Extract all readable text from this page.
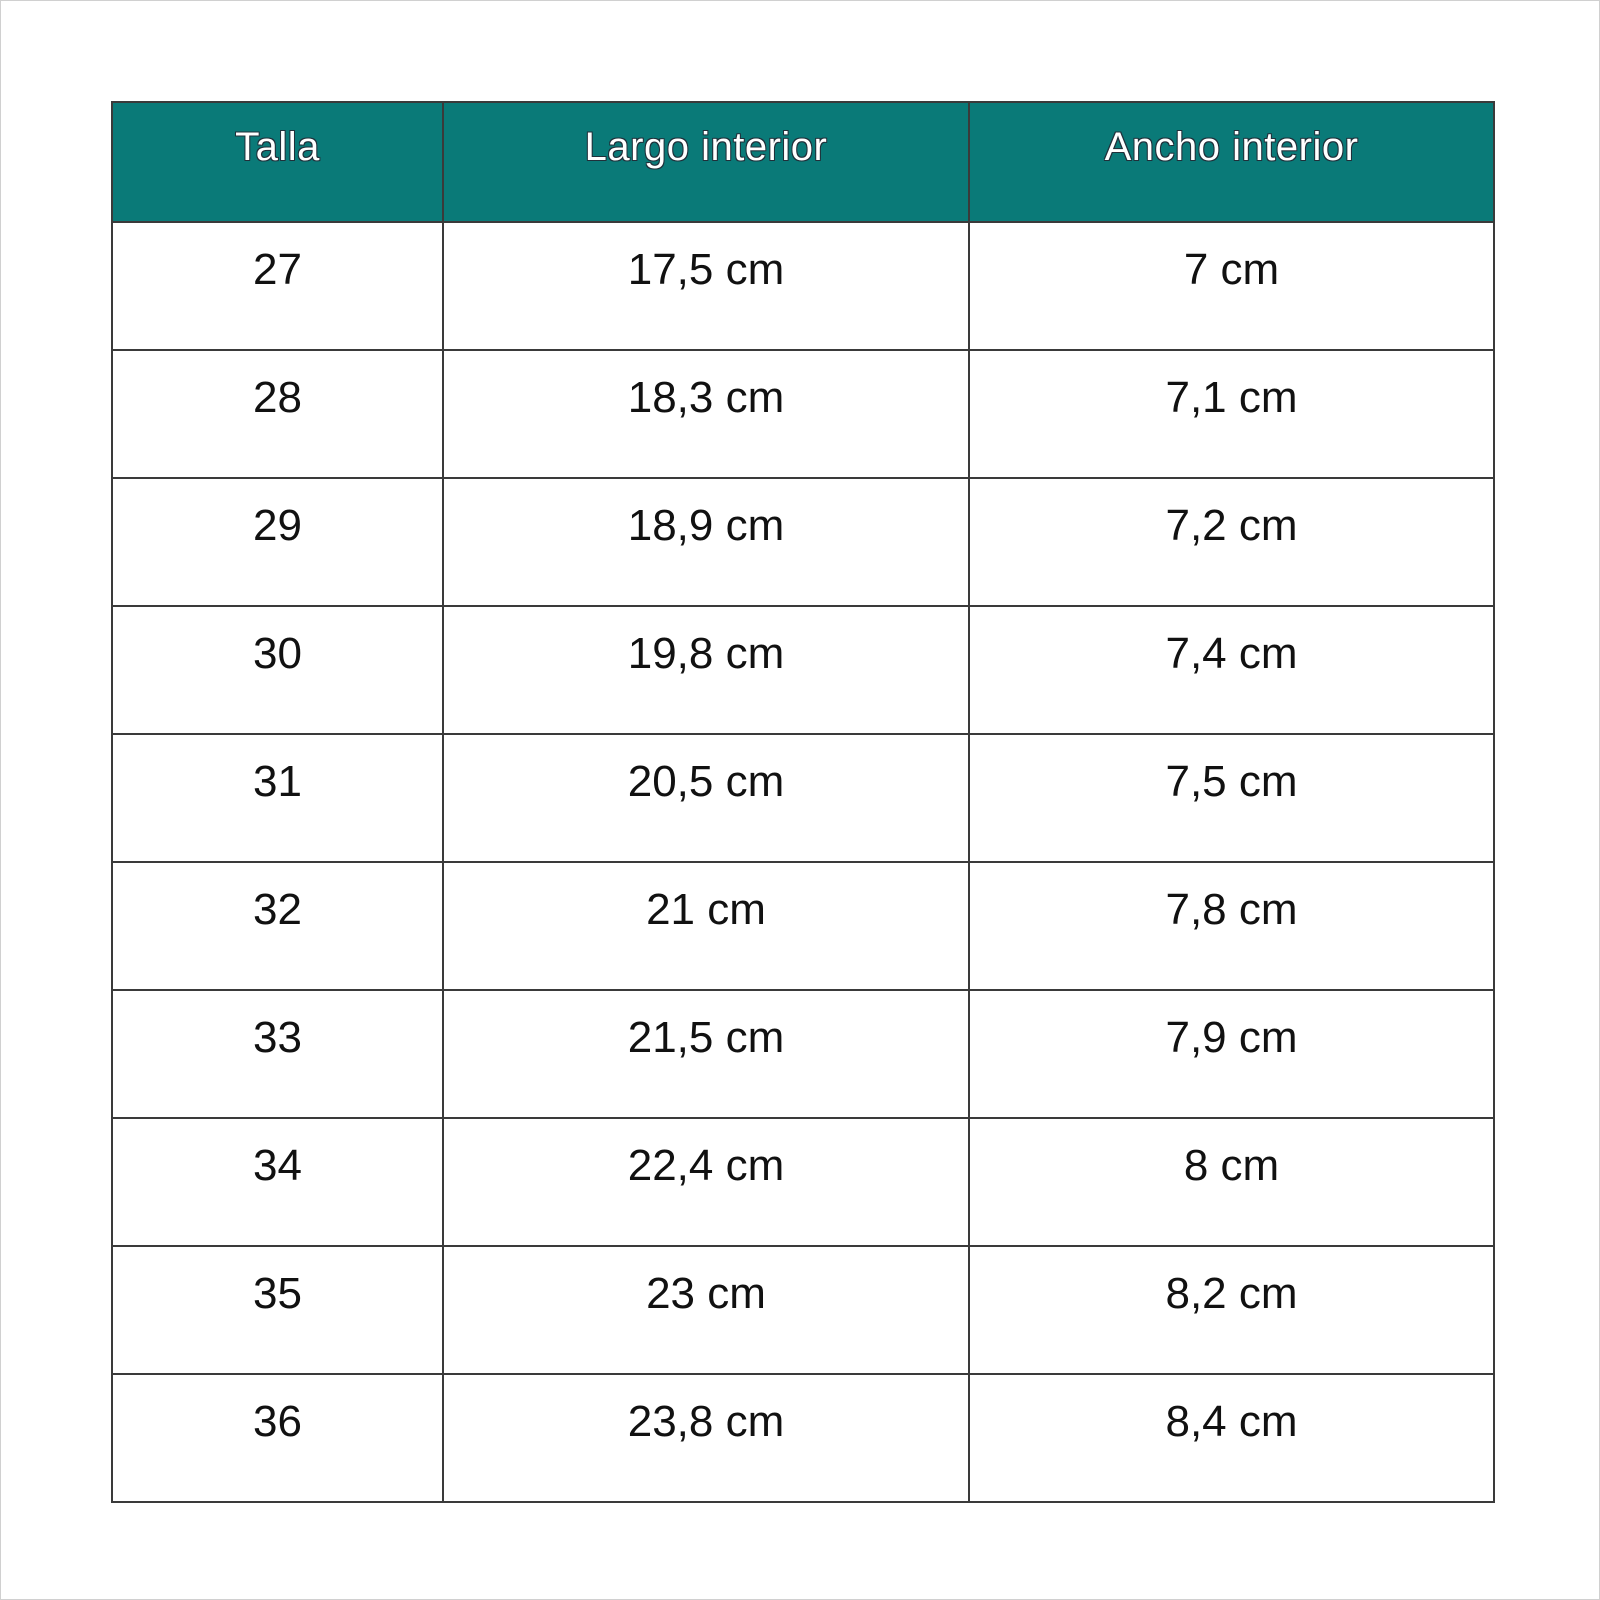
Talla	Largo interior	Ancho interior
27	17,5 cm	7 cm
28	18,3 cm	7,1 cm
29	18,9 cm	7,2 cm
30	19,8 cm	7,4 cm
31	20,5 cm	7,5 cm
32	21 cm	7,8 cm
33	21,5 cm	7,9 cm
34	22,4 cm	8 cm
35	23 cm	8,2 cm
36	23,8 cm	8,4 cm
